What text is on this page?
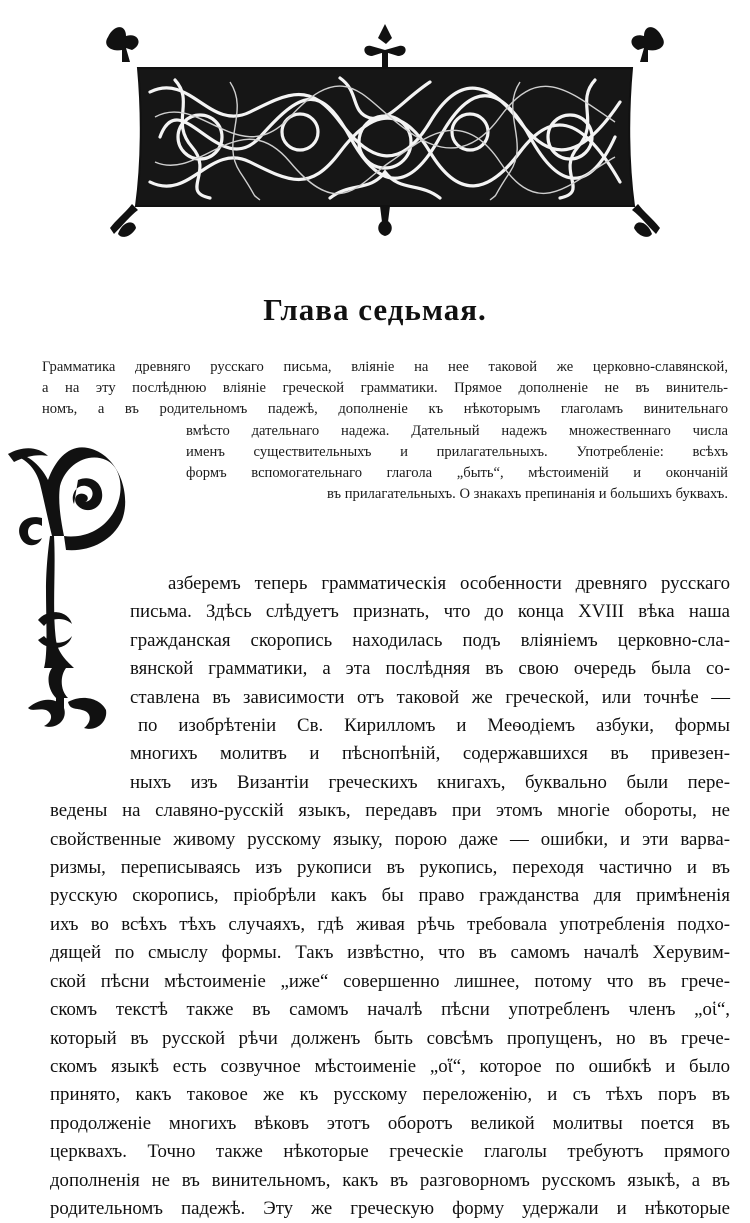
Глава седьмая.
Грамматика древняго русскаго письма, вліяніе на нее таковой же церковно-славянской,
а на эту послѣднюю вліяніе греческой грамматики. Прямое дополненіе не въ винитель-
номъ, а въ родительномъ падежѣ, дополненіе къ нѣкоторымъ глаголамъ винительнаго
вмѣсто дательнаго надежа. Дательный надежъ множественнаго числа
именъ существительныхъ и прилагательныхъ. Употребленіе: всѣхъ
формъ вспомогательнаго глагола „быть“, мѣстоименій и окончаній
въ прилагательныхъ. О знакахъ препинанія и большихъ буквахъ.
азберемъ теперь грамматическія особенности древняго русскаго
письма. Здѣсь слѣдуетъ признать, что до конца XVIII вѣка наша
гражданская скоропись находилась подъ вліяніемъ церковно-сла-
вянской грамматики, а эта послѣдняя въ свою очередь была со-
ставлена въ зависимости отъ таковой же греческой, или точнѣе —
по изобрѣтеніи Св. Кирилломъ и Меѳодіемъ азбуки, формы
многихъ молитвъ и пѣснопѣній, содержавшихся въ привезен-
ныхъ изъ Византіи греческихъ книгахъ, буквально были пере-
ведены на славяно-русскій языкъ, передавъ при этомъ многіе обороты, не
свойственные живому русскому языку, порою даже — ошибки, и эти варва-
ризмы, переписываясь изъ рукописи въ рукопись, переходя частично и въ
русскую скоропись, пріобрѣли какъ бы право гражданства для примѣненія
ихъ во всѣхъ тѣхъ случаяхъ, гдѣ живая рѣчь требовала употребленія подхо-
дящей по смыслу формы. Такъ извѣстно, что въ самомъ началѣ Херувим-
ской пѣсни мѣстоименіе „иже“ совершенно лишнее, потому что въ грече-
скомъ текстѣ также въ самомъ началѣ пѣсни употребленъ членъ „οἱ“,
который въ русской рѣчи долженъ быть совсѣмъ пропущенъ, но въ грече-
скомъ языкѣ есть созвучное мѣстоименіе „οἵ“, которое по ошибкѣ и было
принято, какъ таковое же къ русскому переложенію, и съ тѣхъ поръ въ
продолженіе многихъ вѣковъ этотъ оборотъ великой молитвы поется въ
церквахъ. Точно также нѣкоторые греческіе глаголы требуютъ прямого
дополненія не въ винительномъ, какъ въ разговорномъ русскомъ языкѣ, а въ
родительномъ падежѣ. Эту же греческую форму удержали и нѣкоторые
